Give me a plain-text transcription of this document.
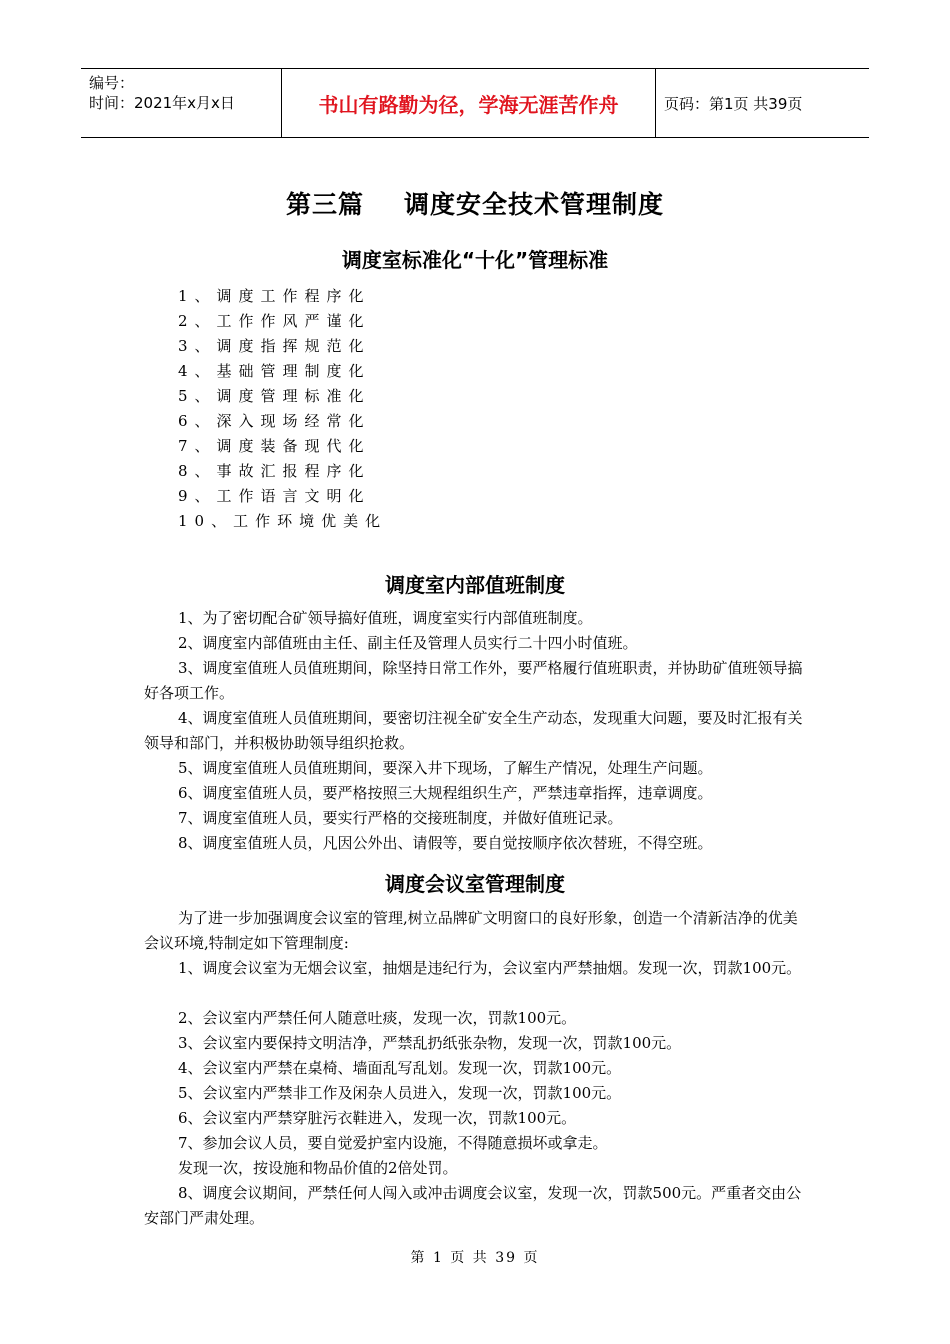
编号：
时间：2021年x月x日	书山有路勤为径，学海无涯苦作舟	页码：第1页 共39页
第三篇 调度安全技术管理制度
调度室标准化“十化”管理标准
1、调度工作程序化
2、工作作风严谨化
3、调度指挥规范化
4、基础管理制度化
5、调度管理标准化
6、深入现场经常化
7、调度装备现代化
8、事故汇报程序化
9、工作语言文明化
10、工作环境优美化
调度室内部值班制度

1、为了密切配合矿领导搞好值班，调度室实行内部值班制度。

2、调度室内部值班由主任、副主任及管理人员实行二十四小时值班。

3、调度室值班人员值班期间，除坚持日常工作外，要严格履行值班职责，并协助矿值班领导搞好各项工作。

4、调度室值班人员值班期间，要密切注视全矿安全生产动态，发现重大问题，要及时汇报有关领导和部门，并积极协助领导组织抢救。

5、调度室值班人员值班期间，要深入井下现场，了解生产情况，处理生产问题。

6、调度室值班人员，要严格按照三大规程组织生产，严禁违章指挥，违章调度。

7、调度室值班人员，要实行严格的交接班制度，并做好值班记录。

8、调度室值班人员，凡因公外出、请假等，要自觉按顺序依次替班，不得空班。

调度会议室管理制度

为了进一步加强调度会议室的管理,树立品牌矿文明窗口的良好形象，创造一个清新洁净的优美会议环境,特制定如下管理制度:

1、调度会议室为无烟会议室，抽烟是违纪行为，会议室内严禁抽烟。发现一次，罚款100元。

2、会议室内严禁任何人随意吐痰，发现一次，罚款100元。

3、会议室内要保持文明洁净，严禁乱扔纸张杂物，发现一次，罚款100元。

4、会议室内严禁在桌椅、墙面乱写乱划。发现一次，罚款100元。

5、会议室内严禁非工作及闲杂人员进入，发现一次，罚款100元。

6、会议室内严禁穿脏污衣鞋进入，发现一次，罚款100元。

7、参加会议人员，要自觉爱护室内设施，不得随意损坏或拿走。

发现一次，按设施和物品价值的2倍处罚。

8、调度会议期间，严禁任何人闯入或冲击调度会议室，发现一次，罚款500元。严重者交由公安部门严肃处理。

第 1 页 共 39 页
